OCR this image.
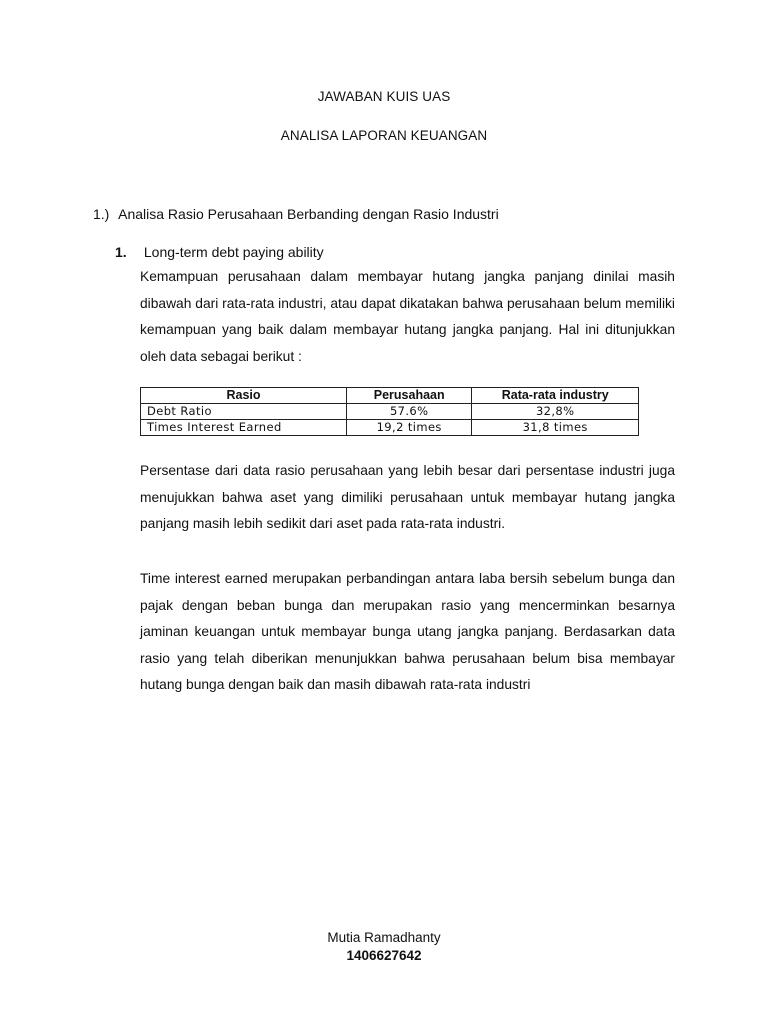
JAWABAN KUIS UAS
ANALISA LAPORAN KEUANGAN
1.) Analisa Rasio Perusahaan Berbanding dengan Rasio Industri
1. Long-term debt paying ability
Kemampuan perusahaan dalam membayar hutang jangka panjang dinilai masih dibawah dari rata-rata industri, atau dapat dikatakan bahwa perusahaan belum memiliki kemampuan yang baik dalam membayar hutang jangka panjang. Hal ini ditunjukkan oleh data sebagai berikut :
Rasio	Perusahaan	Rata-rata industry
Debt Ratio	57.6%	32,8%
Times Interest Earned	19,2 times	31,8 times
Persentase dari data rasio perusahaan yang lebih besar dari persentase industri juga menujukkan bahwa aset yang dimiliki perusahaan untuk membayar hutang jangka panjang masih lebih sedikit dari aset pada rata-rata industri.
Time interest earned merupakan perbandingan antara laba bersih sebelum bunga dan pajak dengan beban bunga dan merupakan rasio yang mencerminkan besarnya jaminan keuangan untuk membayar bunga utang jangka panjang. Berdasarkan data rasio yang telah diberikan menunjukkan bahwa perusahaan belum bisa membayar hutang bunga dengan baik dan masih dibawah rata-rata industri
Mutia Ramadhanty
1406627642
